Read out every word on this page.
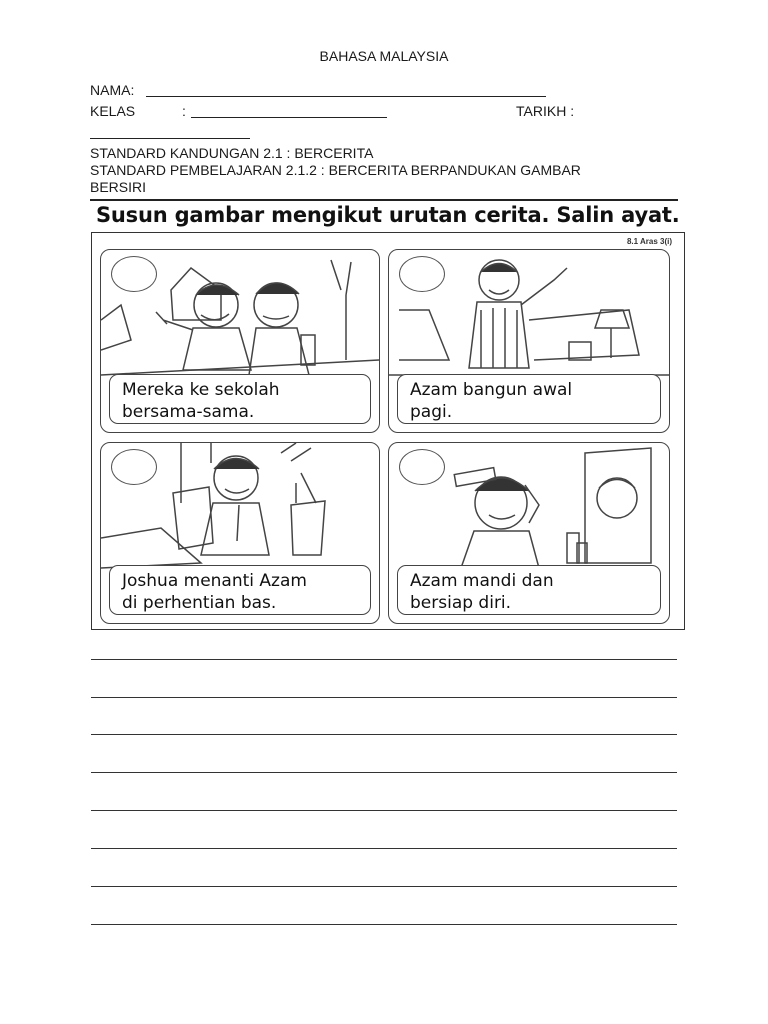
BAHASA MALAYSIA
NAMA:
KELAS	:	TARIKH :
STANDARD KANDUNGAN 2.1 : BERCERITA
STANDARD PEMBELAJARAN 2.1.2 : BERCERITA BERPANDUKAN GAMBAR
BERSIRI
Susun gambar mengikut urutan cerita. Salin ayat.
8.1 Aras 3(i)
Mereka ke sekolah
bersama-sama.
Azam bangun awal
pagi.
Joshua menanti Azam
di perhentian bas.
Azam mandi dan
bersiap diri.
